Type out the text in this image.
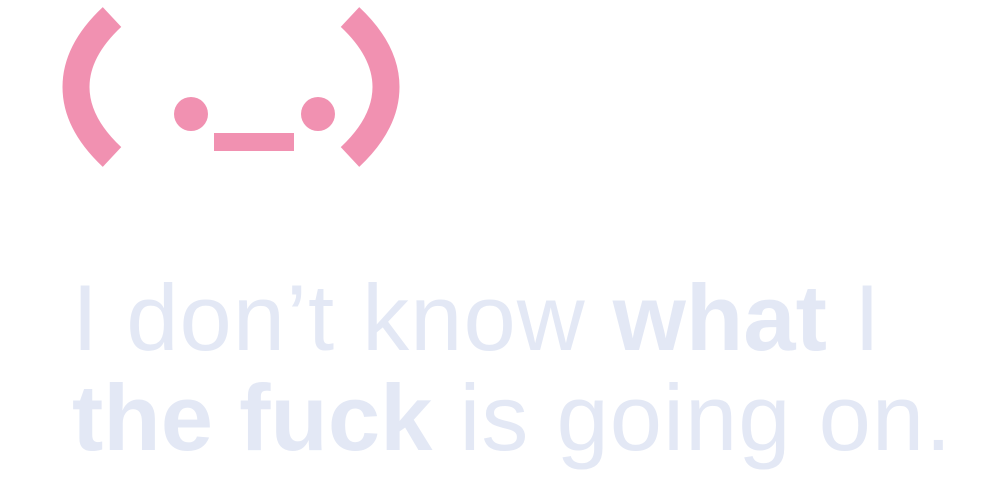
I don’t know what I
the fuck is going on.
